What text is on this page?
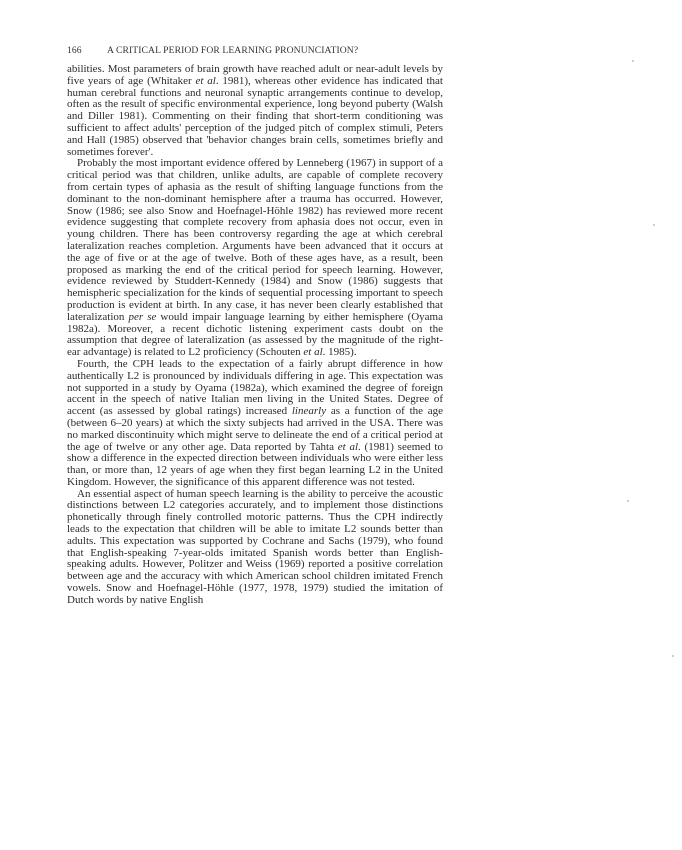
166	A CRITICAL PERIOD FOR LEARNING PRONUNCIATION?

abilities. Most parameters of brain growth have reached adult or near-adult levels by five years of age (Whitaker et al. 1981), whereas other evidence has indicated that human cerebral functions and neuronal synaptic arrangements continue to develop, often as the result of specific environmental experience, long beyond puberty (Walsh and Diller 1981). Commenting on their finding that short-term conditioning was sufficient to affect adults' perception of the judged pitch of complex stimuli, Peters and Hall (1985) observed that 'behavior changes brain cells, sometimes briefly and sometimes forever'.

Probably the most important evidence offered by Lenneberg (1967) in support of a critical period was that children, unlike adults, are capable of complete recovery from certain types of aphasia as the result of shifting language functions from the dominant to the non-dominant hemisphere after a trauma has occurred. However, Snow (1986; see also Snow and Hoefnagel-Höhle 1982) has reviewed more recent evidence suggesting that complete recovery from aphasia does not occur, even in young children. There has been controversy regarding the age at which cerebral lateralization reaches completion. Arguments have been advanced that it occurs at the age of five or at the age of twelve. Both of these ages have, as a result, been proposed as marking the end of the critical period for speech learning. However, evidence reviewed by Studdert-Kennedy (1984) and Snow (1986) suggests that hemispheric specialization for the kinds of sequential processing important to speech production is evident at birth. In any case, it has never been clearly established that lateralization per se would impair language learning by either hemisphere (Oyama 1982a). Moreover, a recent dichotic listening experiment casts doubt on the assumption that degree of lateralization (as assessed by the magnitude of the right-ear advantage) is related to L2 proficiency (Schouten et al. 1985).

Fourth, the CPH leads to the expectation of a fairly abrupt difference in how authentically L2 is pronounced by individuals differing in age. This expectation was not supported in a study by Oyama (1982a), which examined the degree of foreign accent in the speech of native Italian men living in the United States. Degree of accent (as assessed by global ratings) increased linearly as a function of the age (between 6–20 years) at which the sixty subjects had arrived in the USA. There was no marked discontinuity which might serve to delineate the end of a critical period at the age of twelve or any other age. Data reported by Tahta et al. (1981) seemed to show a difference in the expected direction between individuals who were either less than, or more than, 12 years of age when they first began learning L2 in the United Kingdom. However, the significance of this apparent difference was not tested.

An essential aspect of human speech learning is the ability to perceive the acoustic distinctions between L2 categories accurately, and to implement those distinctions phonetically through finely controlled motoric patterns. Thus the CPH indirectly leads to the expectation that children will be able to imitate L2 sounds better than adults. This expectation was supported by Cochrane and Sachs (1979), who found that English-speaking 7-year-olds imitated Spanish words better than English-speaking adults. However, Politzer and Weiss (1969) reported a positive correlation between age and the accuracy with which American school children imitated French vowels. Snow and Hoefnagel-Höhle (1977, 1978, 1979) studied the imitation of Dutch words by native English
